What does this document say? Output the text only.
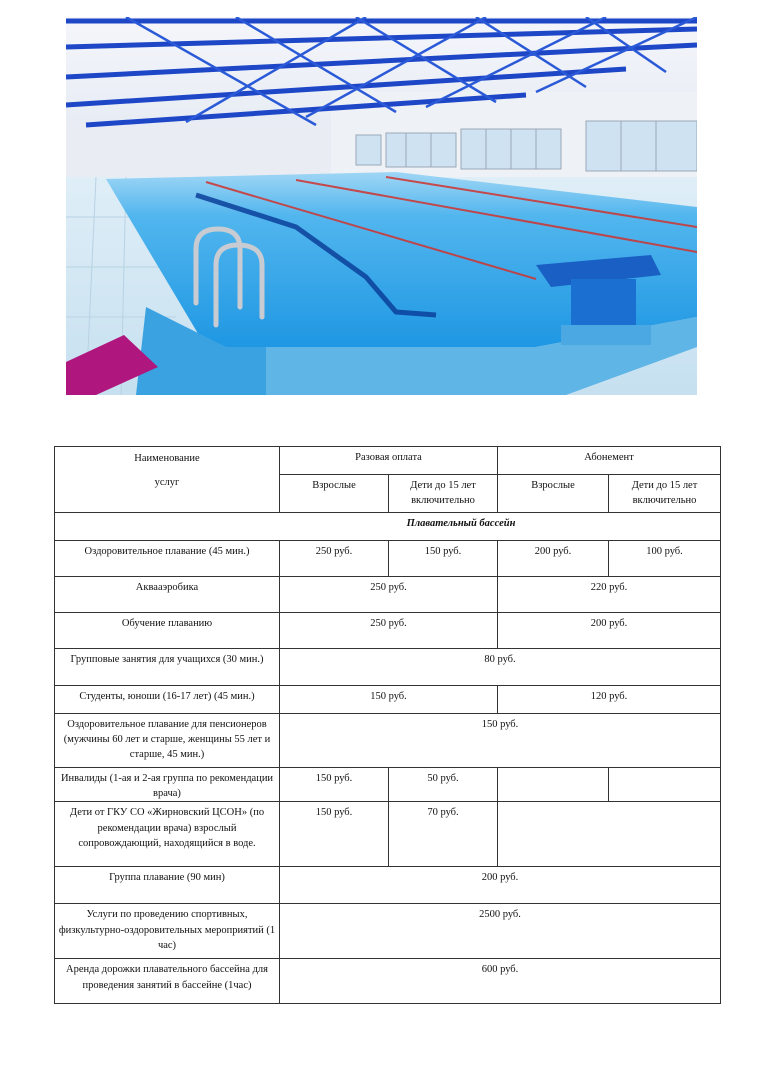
Наименование
услуг	Разовая оплата		Абонемент	
	Взрослые	Дети до 15 лет включительно	Взрослые	Дети до 15 лет включительно
Плавательный бассейн				
Оздоровительное плавание (45 мин.)	250 руб.	150 руб.	200 руб.	100 руб.
Аквааэробика	250 руб.		220 руб.	
Обучение плаванию	250 руб.		200 руб.	
Групповые занятия для учащихся (30 мин.)	80 руб.			
Студенты, юноши (16-17 лет) (45 мин.)	150 руб.		120 руб.	
Оздоровительное плавание для пенсионеров (мужчины 60 лет и старше, женщины 55 лет и старше, 45 мин.)	150 руб.			
Инвалиды (1-ая и 2-ая группа по рекомендации врача)	150 руб.	50 руб.		
Дети от ГКУ СО «Жирновский ЦСОН» (по рекомендации врача) взрослый сопровождающий, находящийся в воде.	150 руб.	70 руб.		
Группа плавание (90 мин)	200 руб.			
Услуги по проведению спортивных, физкультурно-оздоровительных мероприятий (1 час)	2500 руб.			
Аренда дорожки плавательного бассейна для проведения занятий в бассейне (1час)	600 руб.			
